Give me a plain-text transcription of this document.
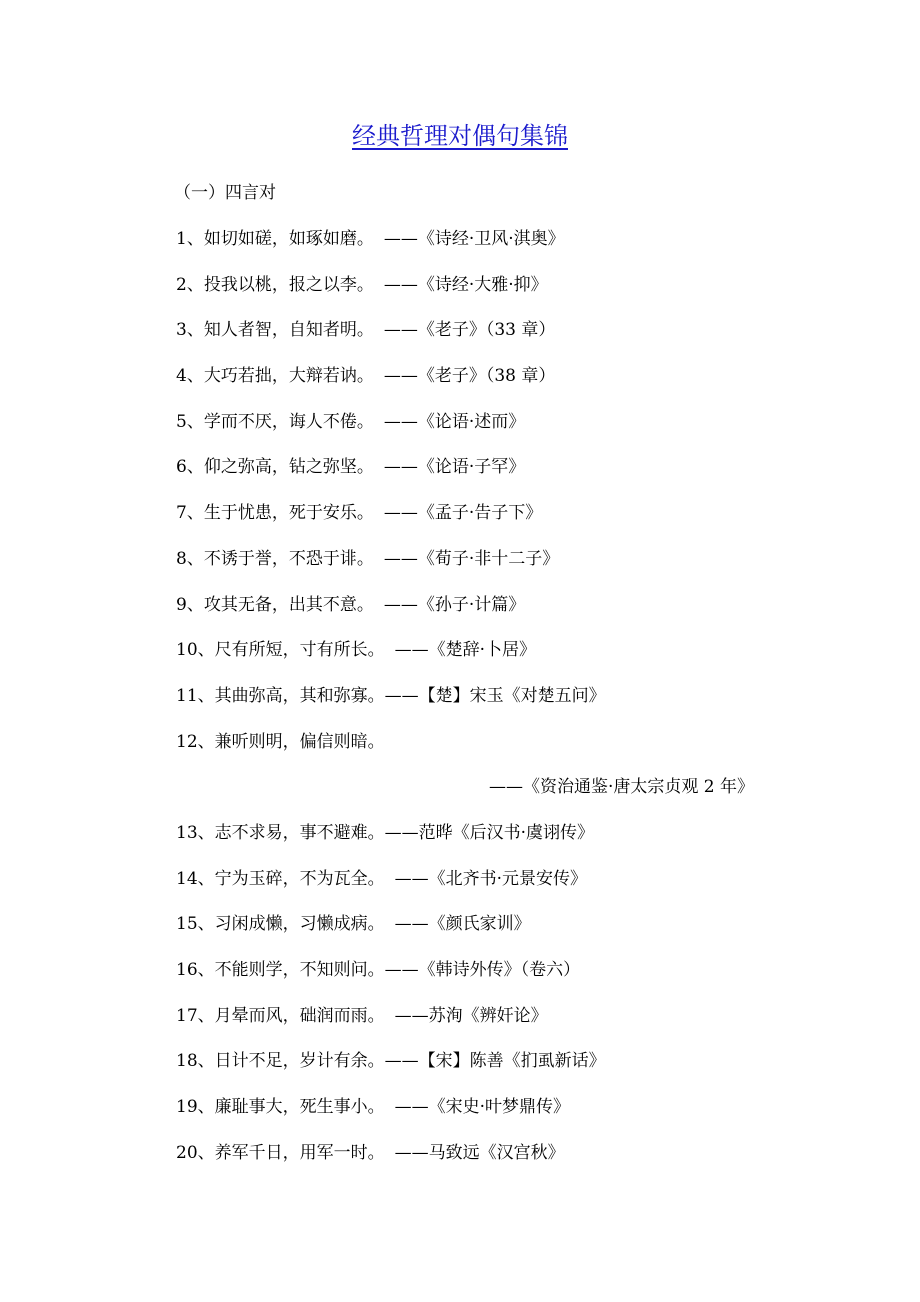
经典哲理对偶句集锦
（一）四言对
1、如切如磋，如琢如磨。 ——《诗经·卫风·淇奥》
2、投我以桃，报之以李。 ——《诗经·大雅·抑》
3、知人者智，自知者明。 ——《老子》（33 章）
4、大巧若拙，大辩若讷。 ——《老子》（38 章）
5、学而不厌，诲人不倦。 ——《论语·述而》
6、仰之弥高，钻之弥坚。 ——《论语·子罕》
7、生于忧患，死于安乐。 ——《孟子·告子下》
8、不诱于誉，不恐于诽。 ——《荀子·非十二子》
9、攻其无备，出其不意。 ——《孙子·计篇》
10、尺有所短，寸有所长。 ——《楚辞·卜居》
11、其曲弥高，其和弥寡。——【楚】宋玉《对楚五问》
12、兼听则明，偏信则暗。
——《资治通鉴·唐太宗贞观 2 年》
13、志不求易，事不避难。——范晔《后汉书·虞诩传》
14、宁为玉碎，不为瓦全。 ——《北齐书·元景安传》
15、习闲成懒，习懒成病。 ——《颜氏家训》
16、不能则学，不知则问。——《韩诗外传》（卷六）
17、月晕而风，础润而雨。 ——苏洵《辨奸论》
18、日计不足，岁计有余。——【宋】陈善《扪虱新话》
19、廉耻事大，死生事小。 ——《宋史·叶梦鼎传》
20、养军千日，用军一时。 ——马致远《汉宫秋》
